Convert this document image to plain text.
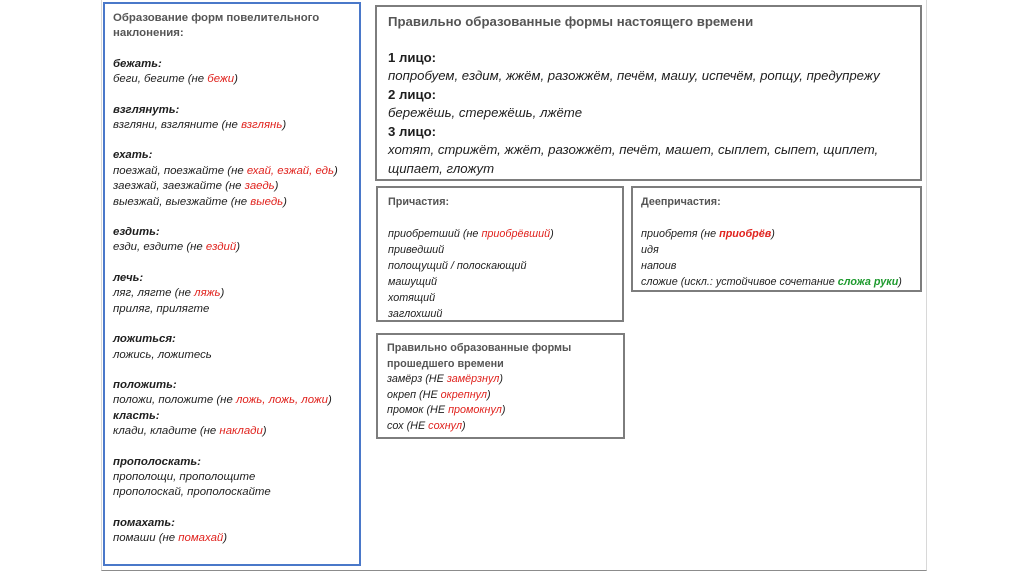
Образование форм повелительного
наклонения:
бежать:
беги, бегите (не бежи)
взглянуть:
взгляни, взгляните (не взглянь)
ехать:
поезжай, поезжайте (не ехай, езжай, едь)
заезжай, заезжайте (не заедь)
выезжай, выезжайте (не выедь)
ездить:
езди, ездите (не ездий)
лечь:
ляг, лягте (не ляжь)
приляг, прилягте
ложиться:
ложись, ложитесь
положить:
положи, положите (не ложь, ложь, ложи)
класть:
клади, кладите (не наклади)
прополоскать:
прополощи, прополощите
прополоскай, прополоскайте
помахать:
помаши (не помахай)
Правильно образованные формы настоящего времени
1 лицо:
попробуем, ездим, жжём, разожжём, печём, машу, испечём, ропщу, предупрежу
2 лицо:
бережёшь, стережёшь, лжёте
3 лицо:
хотят, стрижёт, жжёт, разожжёт, печёт, машет, сыплет, сыпет, щиплет,
щипает, гложут
Причастия:
приобретший (не приобрёвший)
приведший
полощущий / полоскающий
машущий
хотящий
заглохший
Деепричастия:
приобретя (не приобрёв)
идя
напоив
сложие (искл.: устойчивое сочетание сложа руки)
Правильно образованные формы
прошедшего времени
замёрз (НЕ замёрзнул)
окреп (НЕ окрепнул)
промок (НЕ промокнул)
сох (НЕ сохнул)
